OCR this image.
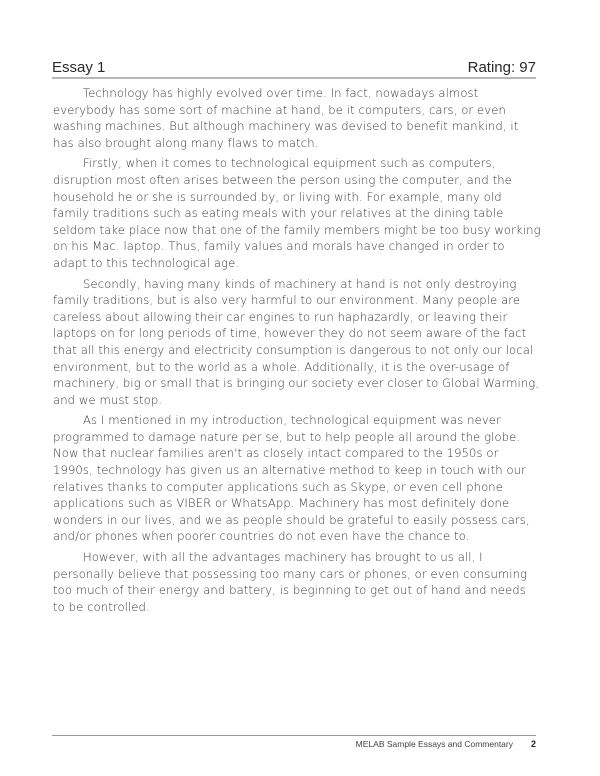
Essay 1	Rating: 97

Technology has highly evolved over time. In fact, nowadays almost everybody has some sort of machine at hand, be it computers, cars, or even washing machines. But although machinery was devised to benefit mankind, it has also brought along many flaws to match.

Firstly, when it comes to technological equipment such as computers, disruption most often arises between the person using the computer, and the household he or she is surrounded by, or living with. For example, many old family traditions such as eating meals with your relatives at the dining table seldom take place now that one of the family members might be too busy working on his Mac. laptop. Thus, family values and morals have changed in order to adapt to this technological age.

Secondly, having many kinds of machinery at hand is not only destroying family traditions, but is also very harmful to our environment. Many people are careless about allowing their car engines to run haphazardly, or leaving their laptops on for long periods of time, however they do not seem aware of the fact that all this energy and electricity consumption is dangerous to not only our local environment, but to the world as a whole. Additionally, it is the over-usage of machinery, big or small that is bringing our society ever closer to Global Warming, and we must stop.

As I mentioned in my introduction, technological equipment was never programmed to damage nature per se, but to help people all around the globe. Now that nuclear families aren't as closely intact compared to the 1950s or 1990s, technology has given us an alternative method to keep in touch with our relatives thanks to computer applications such as Skype, or even cell phone applications such as VIBER or WhatsApp. Machinery has most definitely done wonders in our lives, and we as people should be grateful to easily possess cars, and/or phones when poorer countries do not even have the chance to.

However, with all the advantages machinery has brought to us all, I personally believe that possessing too many cars or phones, or even consuming too much of their energy and battery, is beginning to get out of hand and needs to be controlled.

MELAB Sample Essays and Commentary 2
